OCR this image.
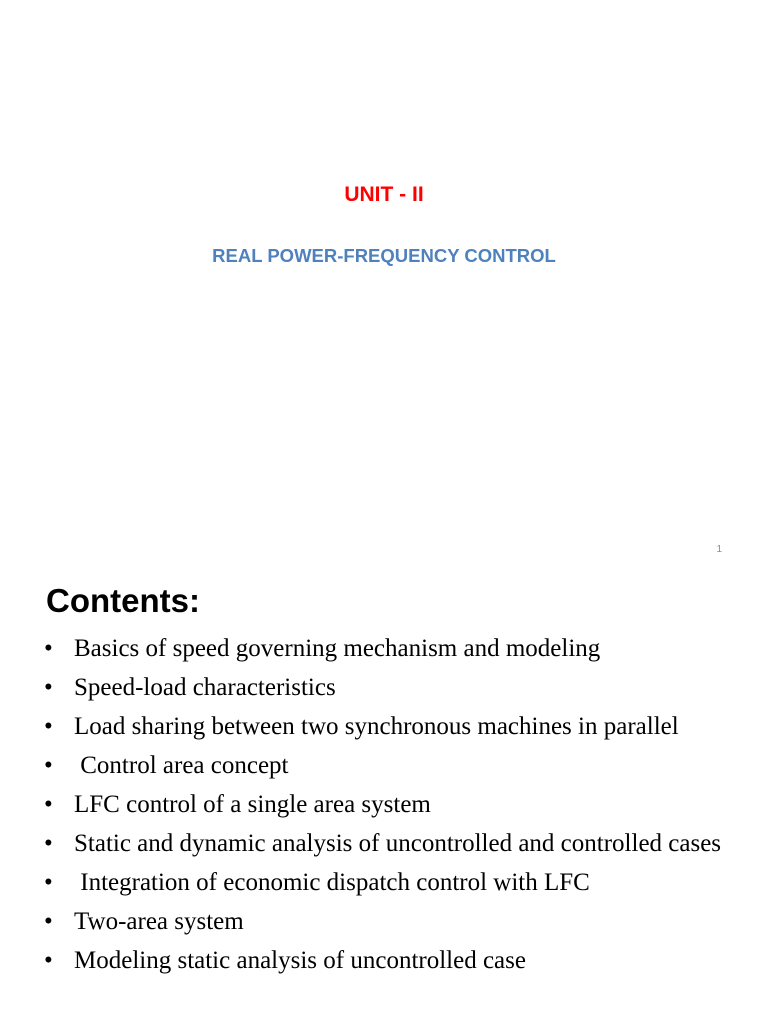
UNIT - II
REAL POWER-FREQUENCY CONTROL
1
Contents:
• Basics of speed governing mechanism and modeling
• Speed-load characteristics
• Load sharing between two synchronous machines in parallel
• Control area concept
• LFC control of a single area system
• Static and dynamic analysis of uncontrolled and controlled cases
• Integration of economic dispatch control with LFC
• Two-area system
• Modeling static analysis of uncontrolled case
